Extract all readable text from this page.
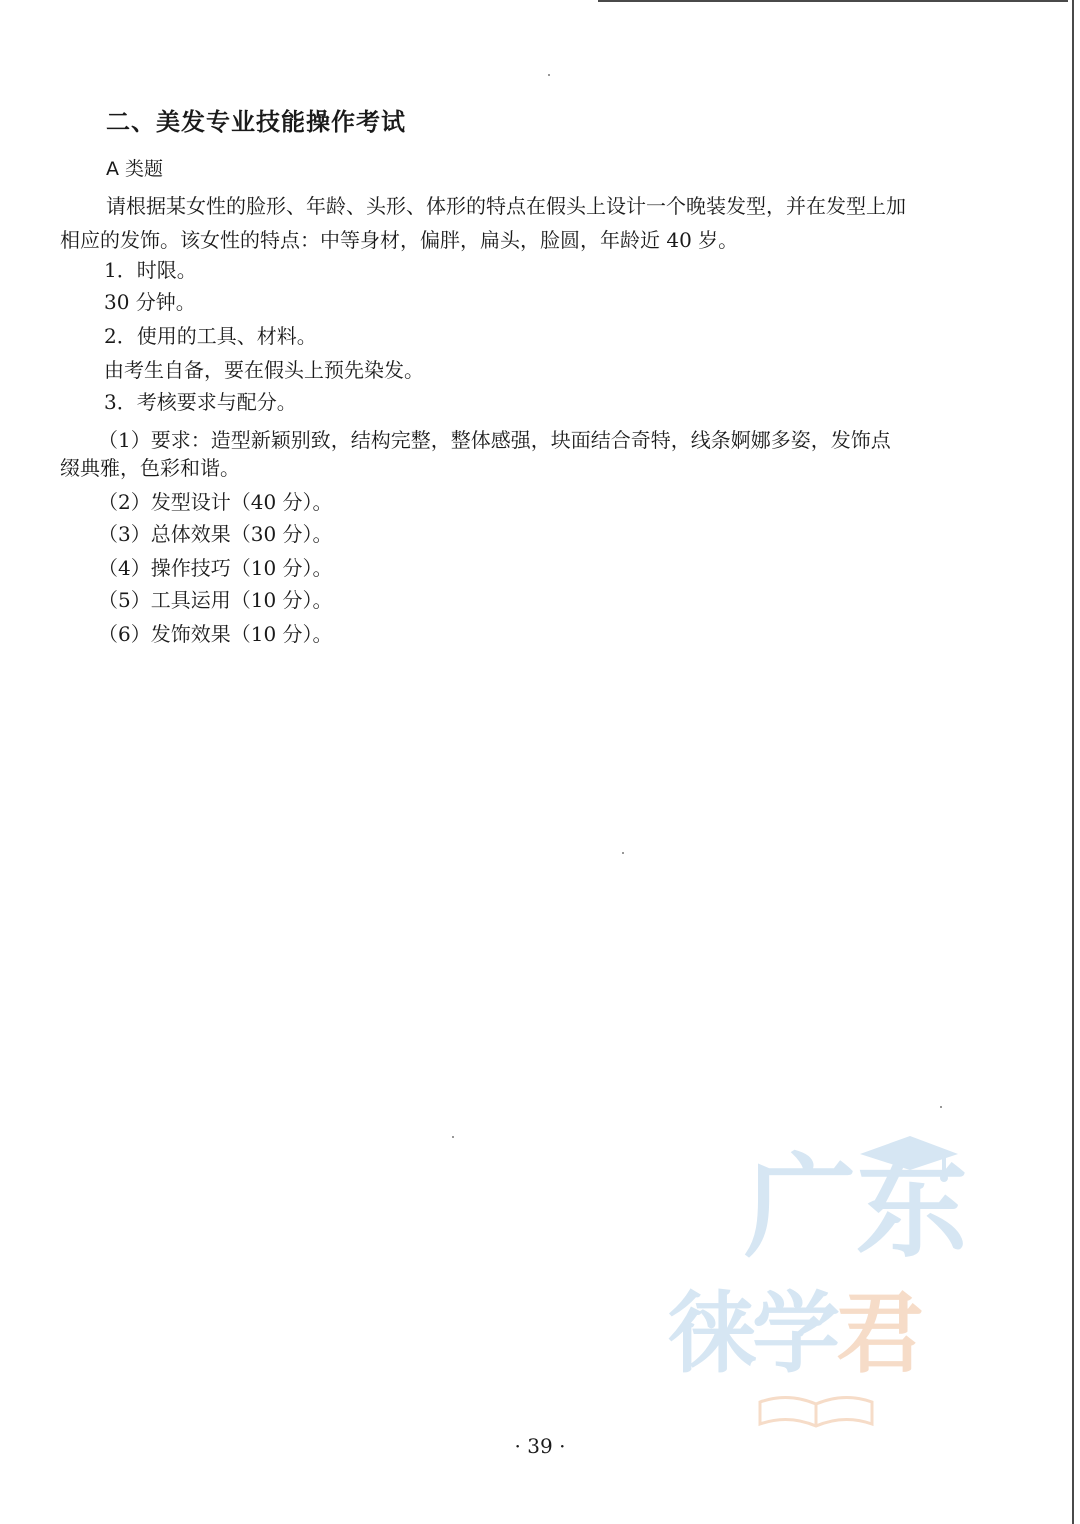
二、美发专业技能操作考试
A 类题
请根据某女性的脸形、年龄、头形、体形的特点在假头上设计一个晚装发型，并在发型上加
相应的发饰。该女性的特点：中等身材，偏胖，扁头，脸圆，年龄近 40 岁。
1．时限。
30 分钟。
2．使用的工具、材料。
由考生自备，要在假头上预先染发。
3．考核要求与配分。
（1）要求：造型新颖别致，结构完整，整体感强，块面结合奇特，线条婀娜多姿，发饰点
缀典雅，色彩和谐。
（2）发型设计（40 分）。
（3）总体效果（30 分）。
（4）操作技巧（10 分）。
（5）工具运用（10 分）。
（6）发饰效果（10 分）。
广东
徕学君
· 39 ·
